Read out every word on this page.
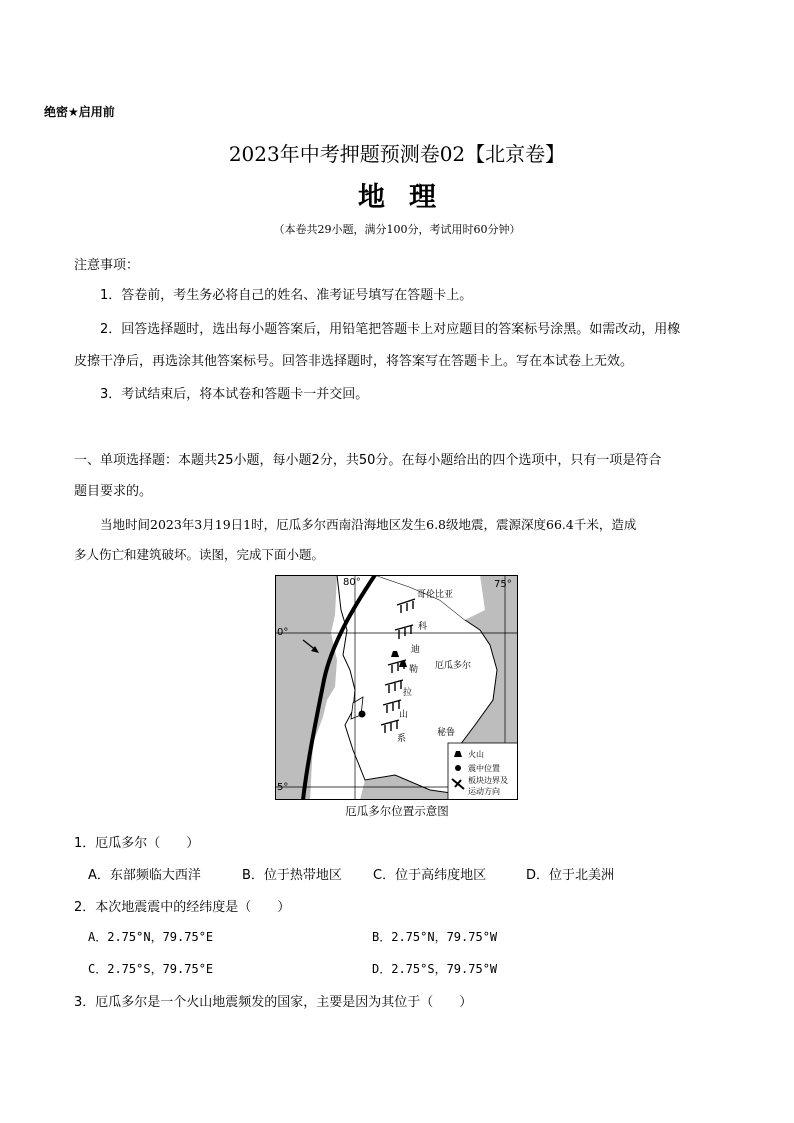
绝密★启用前
2023年中考押题预测卷02【北京卷】
地理
（本卷共29小题，满分100分，考试用时60分钟）
注意事项：
1．答卷前，考生务必将自己的姓名、准考证号填写在答题卡上。
2．回答选择题时，选出每小题答案后，用铅笔把答题卡上对应题目的答案标号涂黑。如需改动，用橡
皮擦干净后，再选涂其他答案标号。回答非选择题时，将答案写在答题卡上。写在本试卷上无效。
3．考试结束后，将本试卷和答题卡一并交回。
一、单项选择题：本题共25小题，每小题2分，共50分。在每小题给出的四个选项中，只有一项是符合
题目要求的。
当地时间2023年3月19日1时，厄瓜多尔西南沿海地区发生6.8级地震，震源深度66.4千米，造成
多人伤亡和建筑破坏。读图，完成下面小题。
80°	75°
0°
5°
哥伦比亚
厄瓜多尔
秘鲁
科
迪
勒
拉
山
系
火山
震中位置
板块边界及
运动方向
厄瓜多尔位置示意图
1．厄瓜多尔（　　）
A．东部频临大西洋	B．位于热带地区 C．位于高纬度地区	D．位于北美洲
2．本次地震震中的经纬度是（　　）
A．2.75°N，79.75°E	B．2.75°N，79.75°W
C．2.75°S，79.75°E	D．2.75°S，79.75°W
3．厄瓜多尔是一个火山地震频发的国家，主要是因为其位于（　　）
